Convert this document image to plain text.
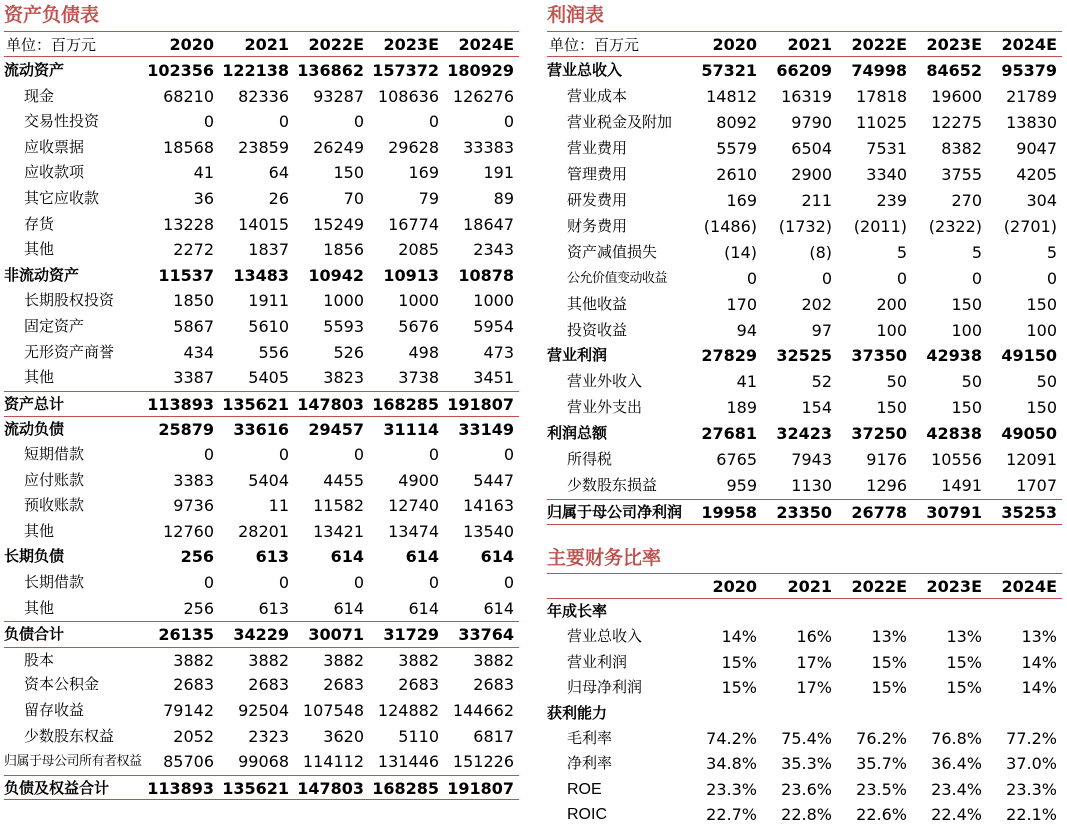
资产负债表
单位：百万元	2020	2021	2022E	2023E	2024E
流动资产	102356 122138 136862 157372 180929
现金	68210	82336	93287 108636 126276
交易性投资	0	0	0	0	0
应收票据	18568	23859	26249	29628	33383
应收款项	41	64	150	169	191
其它应收款	36	26	70	79	89
存货	13228	14015	15249	16774	18647
其他	2272	1837	1856	2085	2343
非流动资产	11537	13483	10942	10913	10878
长期股权投资	1850	1911	1000	1000	1000
固定资产	5867	5610	5593	5676	5954
无形资产商誉	434	556	526	498	473
其他	3387	5405	3823	3738	3451
资产总计	113893 135621 147803 168285 191807
流动负债	25879	33616	29457	31114	33149
短期借款	0	0	0	0	0
应付账款	3383	5404	4455	4900	5447
预收账款	9736	11	11582	12740	14163
其他	12760	28201	13421	13474	13540
长期负债	256	613	614	614	614
长期借款	0	0	0	0	0
其他	256	613	614	614	614
负债合计	26135	34229	30071	31729	33764
股本	3882	3882	3882	3882	3882
资本公积金	2683	2683	2683	2683	2683
留存收益	79142	92504 107548 124882 144662
少数股东权益	2052	2323	3620	5110	6817
归属于母公司所有者权益	85706	99068 114112 131446 151226
负债及权益合计	113893 135621 147803 168285 191807
利润表
单位：百万元	2020	2021	2022E	2023E	2024E
营业总收入	57321	66209	74998	84652	95379
营业成本	14812	16319	17818	19600	21789
营业税金及附加	8092	9790	11025	12275	13830
营业费用	5579	6504	7531	8382	9047
管理费用	2610	2900	3340	3755	4205
研发费用	169	211	239	270	304
财务费用	(1486)	(1732)	(2011)	(2322)	(2701)
资产减值损失	(14)	(8)	5	5	5
公允价值变动收益	0	0	0	0	0
其他收益	170	202	200	150	150
投资收益	94	97	100	100	100
营业利润	27829	32525	37350	42938	49150
营业外收入	41	52	50	50	50
营业外支出	189	154	150	150	150
利润总额	27681	32423	37250	42838	49050
所得税	6765	7943	9176	10556	12091
少数股东损益	959	1130	1296	1491	1707
归属于母公司净利润	19958	23350	26778	30791	35253
主要财务比率
2020	2021	2022E	2023E	2024E
年成长率
营业总收入	14%	16%	13%	13%	13%
营业利润	15%	17%	15%	15%	14%
归母净利润	15%	17%	15%	15%	14%
获利能力
毛利率	74.2%	75.4%	76.2%	76.8%	77.2%
净利率	34.8%	35.3%	35.7%	36.4%	37.0%
ROE	23.3%	23.6%	23.5%	23.4%	23.3%
ROIC	22.7%	22.8%	22.6%	22.4%	22.1%
